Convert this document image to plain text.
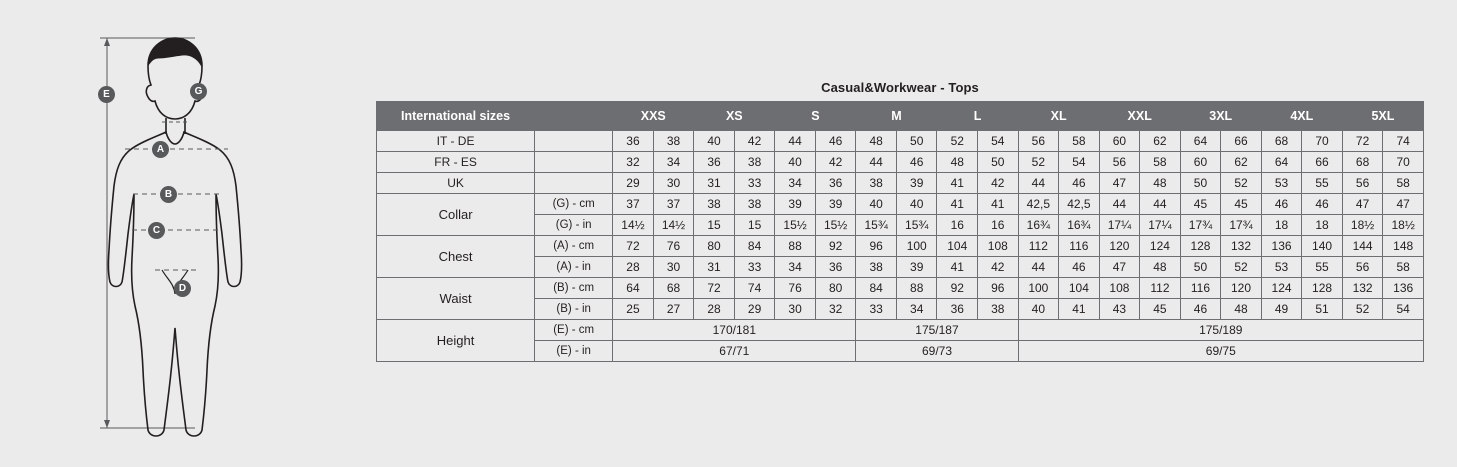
E	G
A
B
C
D
Casual&Workwear - Tops
International sizes		XXS		XS		S		M		L		XL		XXL		3XL		4XL		5XL	
IT - DE		36	38	40	42	44	46	48	50	52	54	56	58	60	62	64	66	68	70	72	74
FR - ES		32	34	36	38	40	42	44	46	48	50	52	54	56	58	60	62	64	66	68	70
UK		29	30	31	33	34	36	38	39	41	42	44	46	47	48	50	52	53	55	56	58
Collar	(G) - cm	37	37	38	38	39	39	40	40	41	41	42,5	42,5	44	44	45	45	46	46	47	47
	(G) - in	14½	14½	15	15	15½	15½	15¾	15¾	16	16	16¾	16¾	17¼	17¼	17¾	17¾	18	18	18½	18½
Chest	(A) - cm	72	76	80	84	88	92	96	100	104	108	112	116	120	124	128	132	136	140	144	148
	(A) - in	28	30	31	33	34	36	38	39	41	42	44	46	47	48	50	52	53	55	56	58
Waist	(B) - cm	64	68	72	74	76	80	84	88	92	96	100	104	108	112	116	120	124	128	132	136
	(B) - in	25	27	28	29	30	32	33	34	36	38	40	41	43	45	46	48	49	51	52	54
Height	(E) - cm	170/181						175/187				175/189									
	(E) - in	67/71						69/73				69/75									
